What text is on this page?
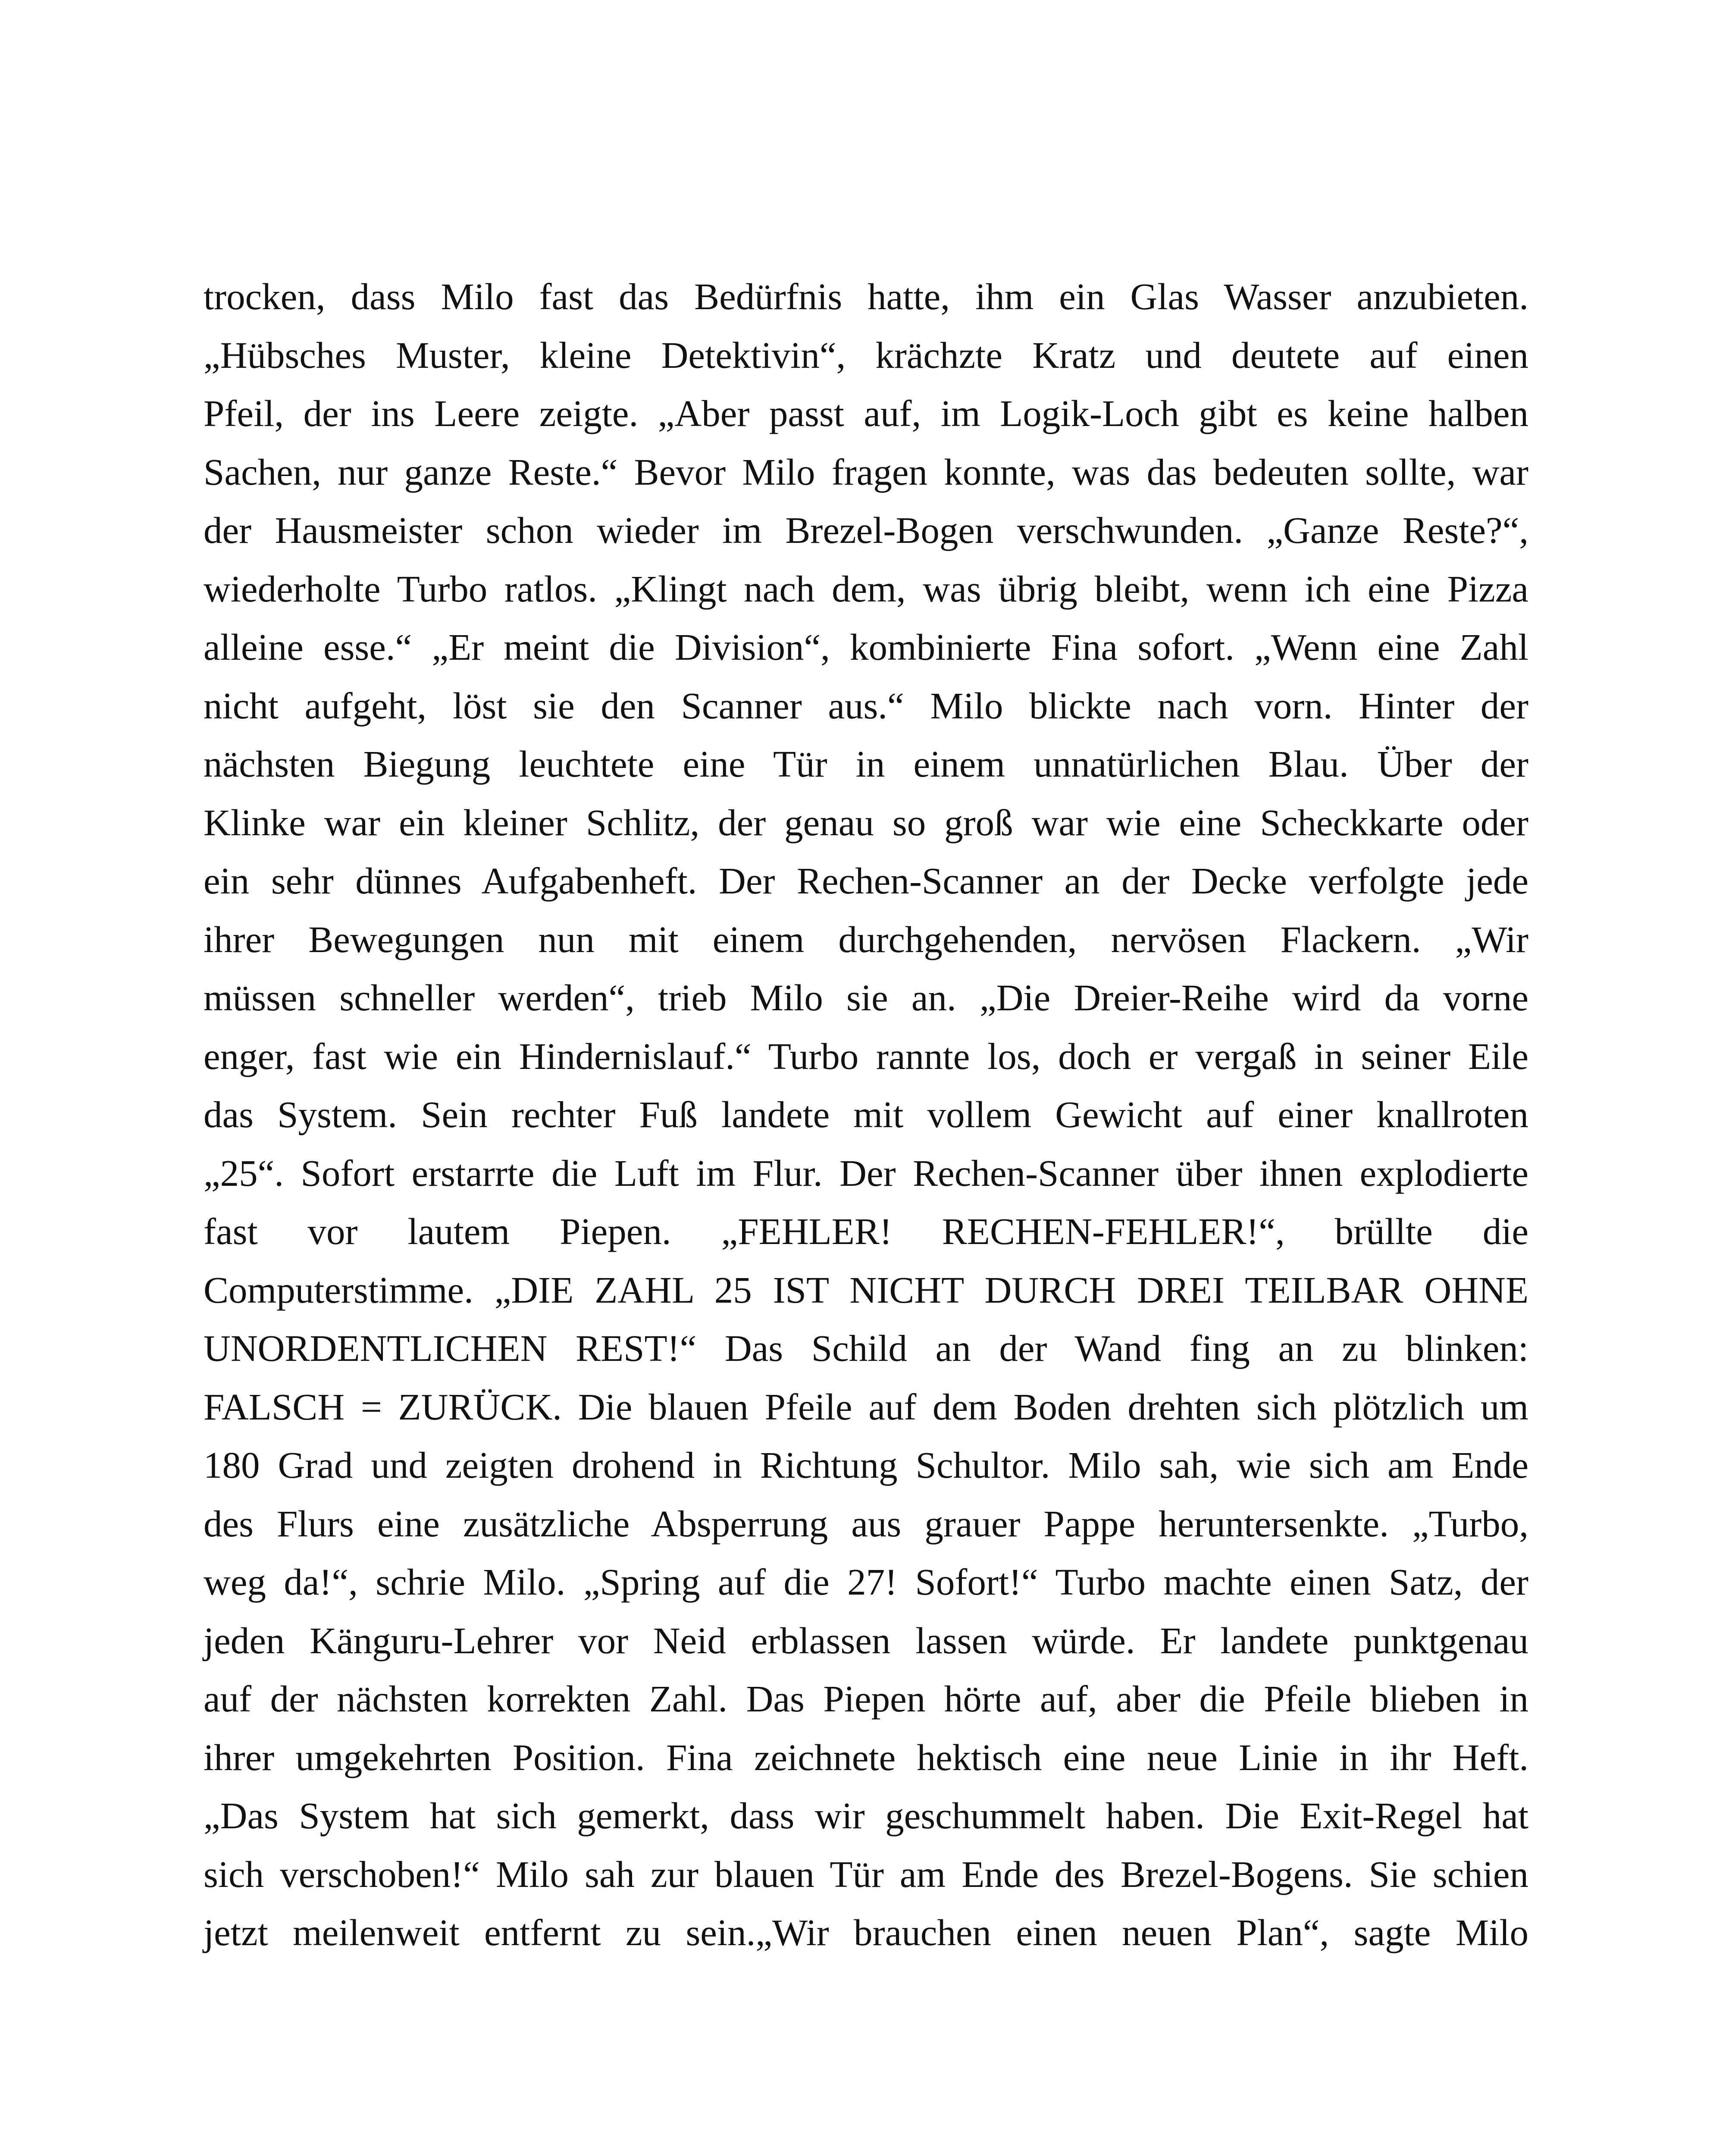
trocken, dass Milo fast das Bedürfnis hatte, ihm ein Glas Wasser anzubieten.
„Hübsches Muster, kleine Detektivin“, krächzte Kratz und deutete auf einen
Pfeil, der ins Leere zeigte. „Aber passt auf, im Logik-Loch gibt es keine halben
Sachen, nur ganze Reste.“ Bevor Milo fragen konnte, was das bedeuten sollte, war
der Hausmeister schon wieder im Brezel-Bogen verschwunden. „Ganze Reste?“,
wiederholte Turbo ratlos. „Klingt nach dem, was übrig bleibt, wenn ich eine Pizza
alleine esse.“ „Er meint die Division“, kombinierte Fina sofort. „Wenn eine Zahl
nicht aufgeht, löst sie den Scanner aus.“ Milo blickte nach vorn. Hinter der
nächsten Biegung leuchtete eine Tür in einem unnatürlichen Blau. Über der
Klinke war ein kleiner Schlitz, der genau so groß war wie eine Scheckkarte oder
ein sehr dünnes Aufgabenheft. Der Rechen-Scanner an der Decke verfolgte jede
ihrer Bewegungen nun mit einem durchgehenden, nervösen Flackern. „Wir
müssen schneller werden“, trieb Milo sie an. „Die Dreier-Reihe wird da vorne
enger, fast wie ein Hindernislauf.“ Turbo rannte los, doch er vergaß in seiner Eile
das System. Sein rechter Fuß landete mit vollem Gewicht auf einer knallroten
„25“. Sofort erstarrte die Luft im Flur. Der Rechen-Scanner über ihnen explodierte
fast vor lautem Piepen. „FEHLER! RECHEN-FEHLER!“, brüllte die
Computerstimme. „DIE ZAHL 25 IST NICHT DURCH DREI TEILBAR OHNE
UNORDENTLICHEN REST!“ Das Schild an der Wand fing an zu blinken:
FALSCH = ZURÜCK. Die blauen Pfeile auf dem Boden drehten sich plötzlich um
180 Grad und zeigten drohend in Richtung Schultor. Milo sah, wie sich am Ende
des Flurs eine zusätzliche Absperrung aus grauer Pappe heruntersenkte. „Turbo,
weg da!“, schrie Milo. „Spring auf die 27! Sofort!“ Turbo machte einen Satz, der
jeden Känguru-Lehrer vor Neid erblassen lassen würde. Er landete punktgenau
auf der nächsten korrekten Zahl. Das Piepen hörte auf, aber die Pfeile blieben in
ihrer umgekehrten Position. Fina zeichnete hektisch eine neue Linie in ihr Heft.
„Das System hat sich gemerkt, dass wir geschummelt haben. Die Exit-Regel hat
sich verschoben!“ Milo sah zur blauen Tür am Ende des Brezel-Bogens. Sie schien
jetzt meilenweit entfernt zu sein.„Wir brauchen einen neuen Plan“, sagte Milo
